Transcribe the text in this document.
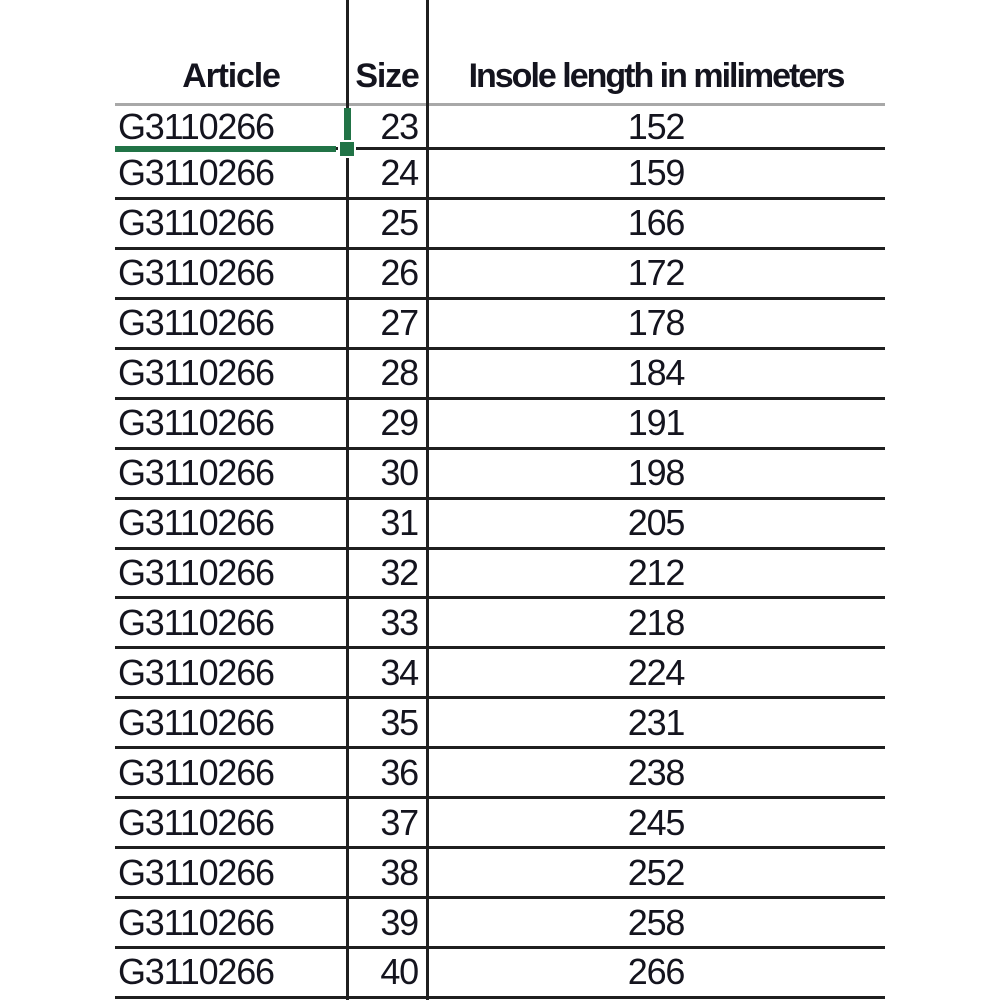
Article	Size	Insole length in milimeters
G3110266	23	152
G3110266	24	159
G3110266	25	166
G3110266	26	172
G3110266	27	178
G3110266	28	184
G3110266	29	191
G3110266	30	198
G3110266	31	205
G3110266	32	212
G3110266	33	218
G3110266	34	224
G3110266	35	231
G3110266	36	238
G3110266	37	245
G3110266	38	252
G3110266	39	258
G3110266	40	266
